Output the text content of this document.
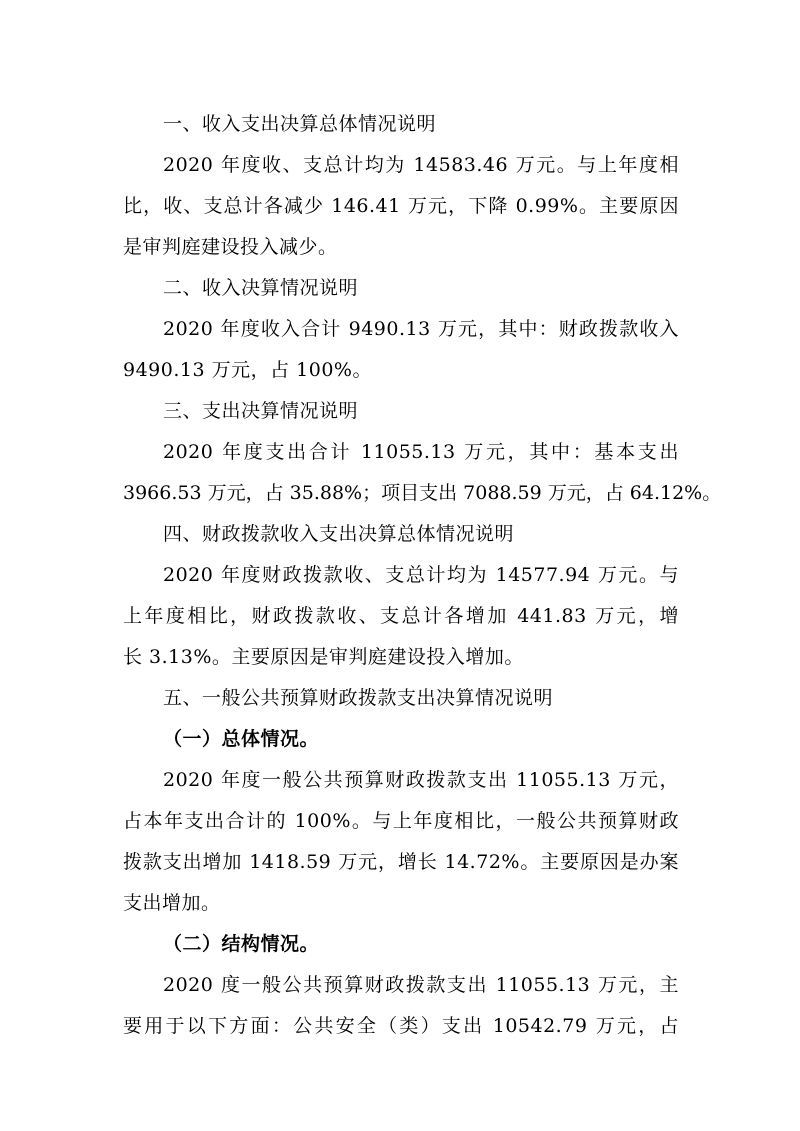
一、收入支出决算总体情况说明
2020 年度收、支总计均为 14583.46 万元。与上年度相
比，收、支总计各减少 146.41 万元，下降 0.99%。主要原因
是审判庭建设投入减少。
二、收入决算情况说明
2020 年度收入合计 9490.13 万元，其中：财政拨款收入
9490.13 万元，占 100%。
三、支出决算情况说明
2020 年度支出合计 11055.13 万元，其中：基本支出
3966.53 万元，占 35.88%；项目支出 7088.59 万元，占 64.12%。
四、财政拨款收入支出决算总体情况说明
2020 年度财政拨款收、支总计均为 14577.94 万元。与
上年度相比，财政拨款收、支总计各增加 441.83 万元，增
长 3.13%。主要原因是审判庭建设投入增加。
五、一般公共预算财政拨款支出决算情况说明
（一）总体情况。
2020 年度一般公共预算财政拨款支出 11055.13 万元，
占本年支出合计的 100%。与上年度相比，一般公共预算财政
拨款支出增加 1418.59 万元，增长 14.72%。主要原因是办案
支出增加。
（二）结构情况。
2020 度一般公共预算财政拨款支出 11055.13 万元，主
要用于以下方面：公共安全（类）支出 10542.79 万元，占
